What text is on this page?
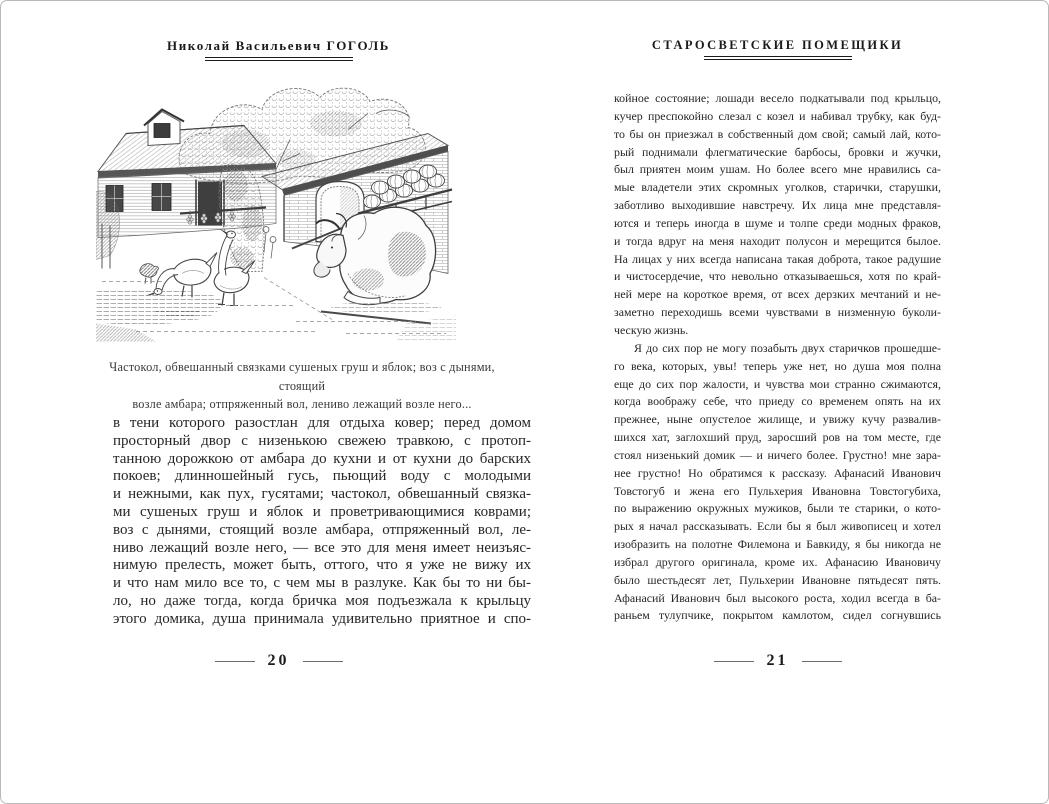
Николай Васильевич ГОГОЛЬ	СТАРОСВЕТСКИЕ ПОМЕЩИКИ
Частокол, обвешанный связками сушеных груш и яблок; воз с дынями, стоящий
возле амбара; отпряженный вол, лениво лежащий возле него...
в тени которого разостлан для отдыха ковер; перед домом
просторный двор с низенькою свежею травкою, с протоп-
танною дорожкою от амбара до кухни и от кухни до барских
покоев; длинношейный гусь, пьющий воду с молодыми
и нежными, как пух, гусятами; частокол, обвешанный связка-
ми сушеных груш и яблок и проветривающимися коврами;
воз с дынями, стоящий возле амбара, отпряженный вол, ле-
ниво лежащий возле него, — все это для меня имеет неизъяс-
нимую прелесть, может быть, оттого, что я уже не вижу их
и что нам мило все то, с чем мы в разлуке. Как бы то ни бы-
ло, но даже тогда, когда бричка моя подъезжала к крыльцу
этого домика, душа принимала удивительно приятное и спо-
койное состояние; лошади весело подкатывали под крыльцо,
кучер преспокойно слезал с козел и набивал трубку, как буд-
то бы он приезжал в собственный дом свой; самый лай, кото-
рый поднимали флегматические барбосы, бровки и жучки,
был приятен моим ушам. Но более всего мне нравились са-
мые владетели этих скромных уголков, старички, старушки,
заботливо выходившие навстречу. Их лица мне представля-
ются и теперь иногда в шуме и толпе среди модных фраков,
и тогда вдруг на меня находит полусон и мерещится былое.
На лицах у них всегда написана такая доброта, такое радушие
и чистосердечие, что невольно отказываешься, хотя по край-
ней мере на короткое время, от всех дерзких мечтаний и не-
заметно переходишь всеми чувствами в низменную буколи-
ческую жизнь.
Я до сих пор не могу позабыть двух старичков прошедше-
го века, которых, увы! теперь уже нет, но душа моя полна
еще до сих пор жалости, и чувства мои странно сжимаются,
когда воображу себе, что приеду со временем опять на их
прежнее, ныне опустелое жилище, и увижу кучу развалив-
шихся хат, заглохший пруд, заросший ров на том месте, где
стоял низенький домик — и ничего более. Грустно! мне зара-
нее грустно! Но обратимся к рассказу. Афанасий Иванович
Товстогуб и жена его Пульхерия Ивановна Товстогубиха,
по выражению окружных мужиков, были те старики, о кото-
рых я начал рассказывать. Если бы я был живописец и хотел
изобразить на полотне Филемона и Бавкиду, я бы никогда не
избрал другого оригинала, кроме их. Афанасию Ивановичу
было шестьдесят лет, Пульхерии Ивановне пятьдесят пять.
Афанасий Иванович был высокого роста, ходил всегда в ба-
раньем тулупчике, покрытом камлотом, сидел согнувшись
20	21
